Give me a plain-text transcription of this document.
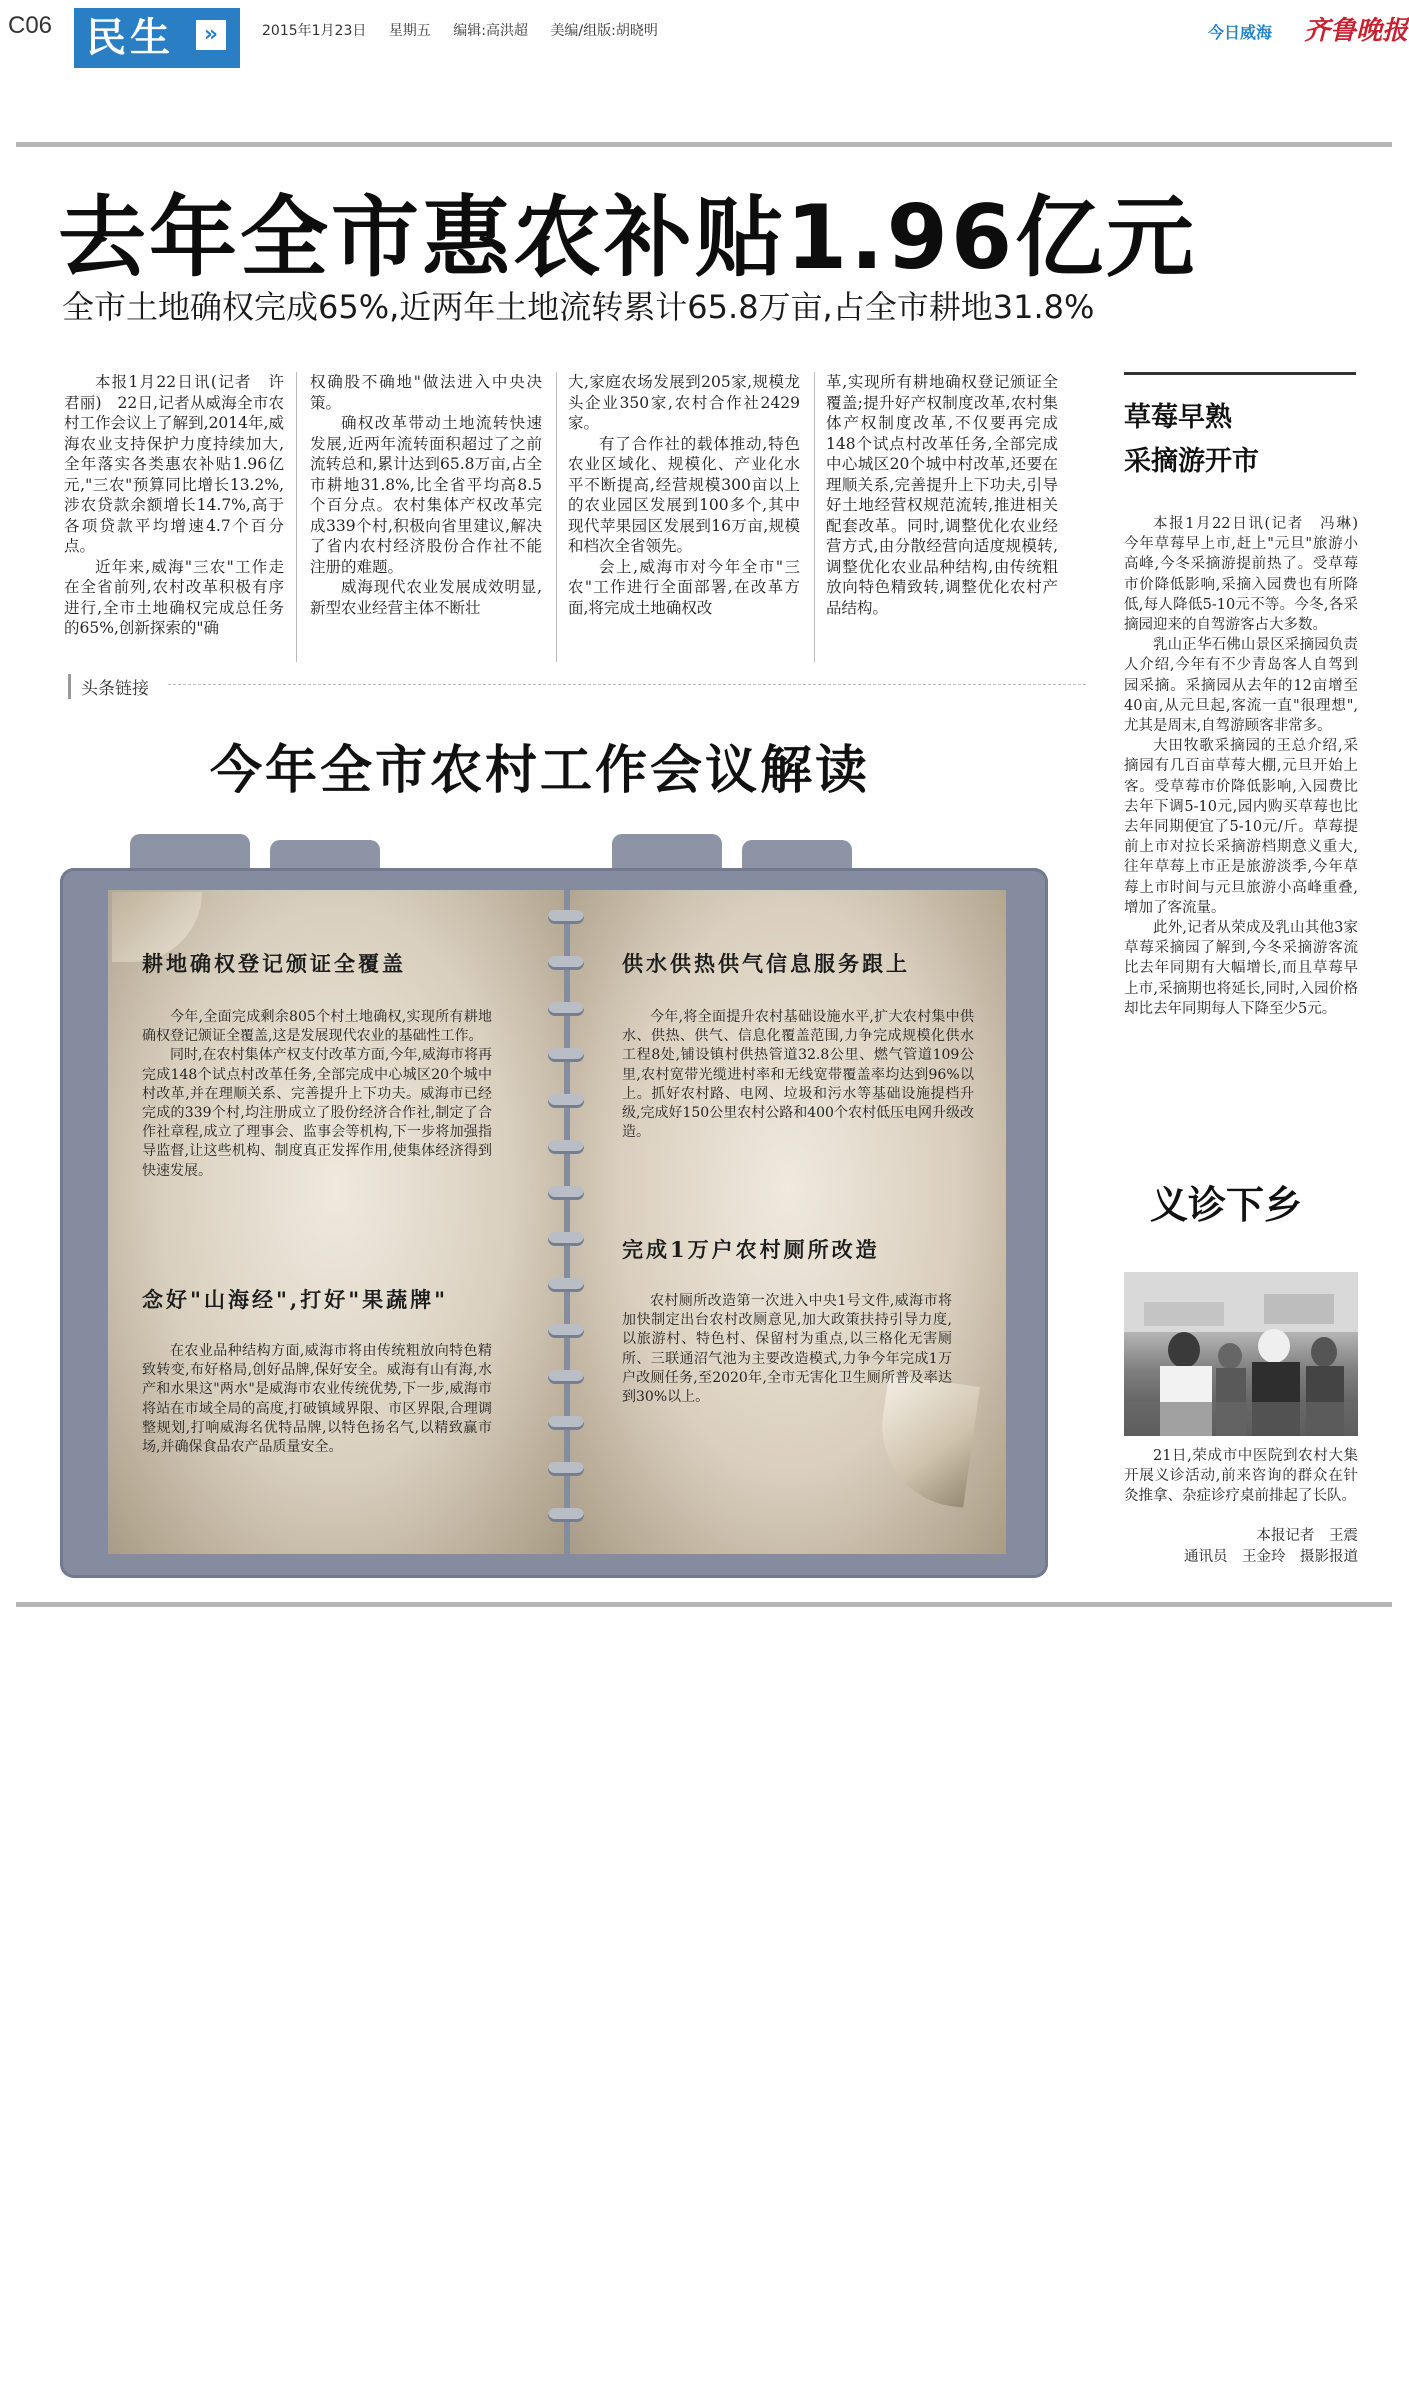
C06 民生	»	2015年1月23日 星期五 编辑:高洪超 美编/组版:胡晓明	今日威海 齐鲁晚报
去年全市惠农补贴1.96亿元
全市土地确权完成65%,近两年土地流转累计65.8万亩,占全市耕地31.8%

本报1月22日讯(记者　许君丽)　22日,记者从威海全市农村工作会议上了解到,2014年,威海农业支持保护力度持续加大,全年落实各类惠农补贴1.96亿元,"三农"预算同比增长13.2%,涉农贷款余额增长14.7%,高于各项贷款平均增速4.7个百分点。

近年来,威海"三农"工作走在全省前列,农村改革积极有序进行,全市土地确权完成总任务的65%,创新探索的"确

权确股不确地"做法进入中央决策。

确权改革带动土地流转快速发展,近两年流转面积超过了之前流转总和,累计达到65.8万亩,占全市耕地31.8%,比全省平均高8.5个百分点。农村集体产权改革完成339个村,积极向省里建议,解决了省内农村经济股份合作社不能注册的难题。

威海现代农业发展成效明显,新型农业经营主体不断壮

大,家庭农场发展到205家,规模龙头企业350家,农村合作社2429家。

有了合作社的载体推动,特色农业区域化、规模化、产业化水平不断提高,经营规模300亩以上的农业园区发展到100多个,其中现代苹果园区发展到16万亩,规模和档次全省领先。

会上,威海市对今年全市"三农"工作进行全面部署,在改革方面,将完成土地确权改

革,实现所有耕地确权登记颁证全覆盖;提升好产权制度改革,农村集体产权制度改革,不仅要再完成148个试点村改革任务,全部完成中心城区20个城中村改革,还要在理顺关系,完善提升上下功夫,引导好土地经营权规范流转,推进相关配套改革。同时,调整优化农业经营方式,由分散经营向适度规模转,调整优化农业品种结构,由传统粗放向特色精致转,调整优化农村产品结构。

头条链接
今年全市农村工作会议解读
耕地确权登记颁证全覆盖

今年,全面完成剩余805个村土地确权,实现所有耕地确权登记颁证全覆盖,这是发展现代农业的基础性工作。

同时,在农村集体产权支付改革方面,今年,威海市将再完成148个试点村改革任务,全部完成中心城区20个城中村改革,并在理顺关系、完善提升上下功夫。威海市已经完成的339个村,均注册成立了股份经济合作社,制定了合作社章程,成立了理事会、监事会等机构,下一步将加强指导监督,让这些机构、制度真正发挥作用,使集体经济得到快速发展。

念好"山海经",打好"果蔬牌"

在农业品种结构方面,威海市将由传统粗放向特色精致转变,布好格局,创好品牌,保好安全。威海有山有海,水产和水果这"两水"是威海市农业传统优势,下一步,威海市将站在市域全局的高度,打破镇域界限、市区界限,合理调整规划,打响威海名优特品牌,以特色扬名气,以精致赢市场,并确保食品农产品质量安全。

供水供热供气信息服务跟上

今年,将全面提升农村基础设施水平,扩大农村集中供水、供热、供气、信息化覆盖范围,力争完成规模化供水工程8处,铺设镇村供热管道32.8公里、燃气管道109公里,农村宽带光缆进村率和无线宽带覆盖率均达到96%以上。抓好农村路、电网、垃圾和污水等基础设施提档升级,完成好150公里农村公路和400个农村低压电网升级改造。

完成1万户农村厕所改造

农村厕所改造第一次进入中央1号文件,威海市将加快制定出台农村改厕意见,加大政策扶持引导力度,以旅游村、特色村、保留村为重点,以三格化无害厕所、三联通沼气池为主要改造模式,力争今年完成1万户改厕任务,至2020年,全市无害化卫生厕所普及率达到30%以上。

草莓早熟
采摘游开市

本报1月22日讯(记者　冯琳)　今年草莓早上市,赶上"元旦"旅游小高峰,今冬采摘游提前热了。受草莓市价降低影响,采摘入园费也有所降低,每人降低5-10元不等。今冬,各采摘园迎来的自驾游客占大多数。

乳山正华石佛山景区采摘园负责人介绍,今年有不少青岛客人自驾到园采摘。采摘园从去年的12亩增至40亩,从元旦起,客流一直"很理想",尤其是周末,自驾游顾客非常多。

大田牧歌采摘园的王总介绍,采摘园有几百亩草莓大棚,元旦开始上客。受草莓市价降低影响,入园费比去年下调5-10元,园内购买草莓也比去年同期便宜了5-10元/斤。草莓提前上市对拉长采摘游档期意义重大,往年草莓上市正是旅游淡季,今年草莓上市时间与元旦旅游小高峰重叠,增加了客流量。

此外,记者从荣成及乳山其他3家草莓采摘园了解到,今冬采摘游客流比去年同期有大幅增长,而且草莓早上市,采摘期也将延长,同时,入园价格却比去年同期每人下降至少5元。

义诊下乡

21日,荣成市中医院到农村大集开展义诊活动,前来咨询的群众在针灸推拿、杂症诊疗桌前排起了长队。

本报记者　王震
通讯员　王金玲　摄影报道
